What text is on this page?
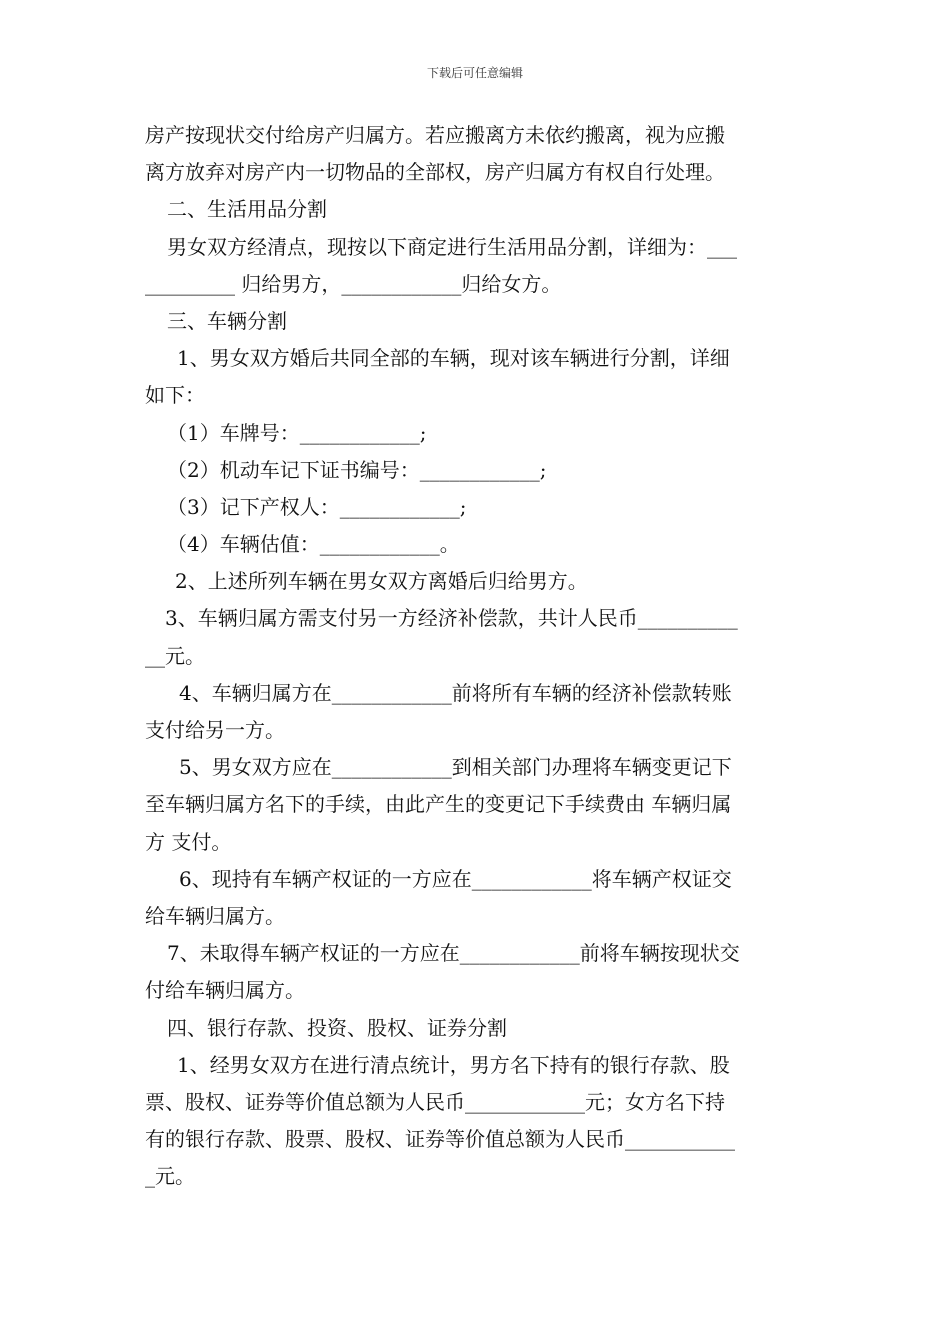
下载后可任意编辑
房产按现状交付给房产归属方。若应搬离方未依约搬离，视为应搬
离方放弃对房产内一切物品的全部权，房产归属方有权自行处理。
二、生活用品分割
男女双方经清点，现按以下商定进行生活用品分割，详细为：___
_________ 归给男方，____________归给女方。
三、车辆分割
1、男女双方婚后共同全部的车辆，现对该车辆进行分割，详细
如下：
（1）车牌号：____________;
（2）机动车记下证书编号：____________;
（3）记下产权人：____________;
（4）车辆估值：____________。
2、上述所列车辆在男女双方离婚后归给男方。
3、车辆归属方需支付另一方经济补偿款，共计人民币__________
__元。
4、车辆归属方在____________前将所有车辆的经济补偿款转账
支付给另一方。
5、男女双方应在____________到相关部门办理将车辆变更记下
至车辆归属方名下的手续，由此产生的变更记下手续费由 车辆归属
方 支付。
6、现持有车辆产权证的一方应在____________将车辆产权证交
给车辆归属方。
7、未取得车辆产权证的一方应在____________前将车辆按现状交
付给车辆归属方。
四、银行存款、投资、股权、证券分割
1、经男女双方在进行清点统计，男方名下持有的银行存款、股
票、股权、证券等价值总额为人民币____________元；女方名下持
有的银行存款、股票、股权、证券等价值总额为人民币___________
_元。
